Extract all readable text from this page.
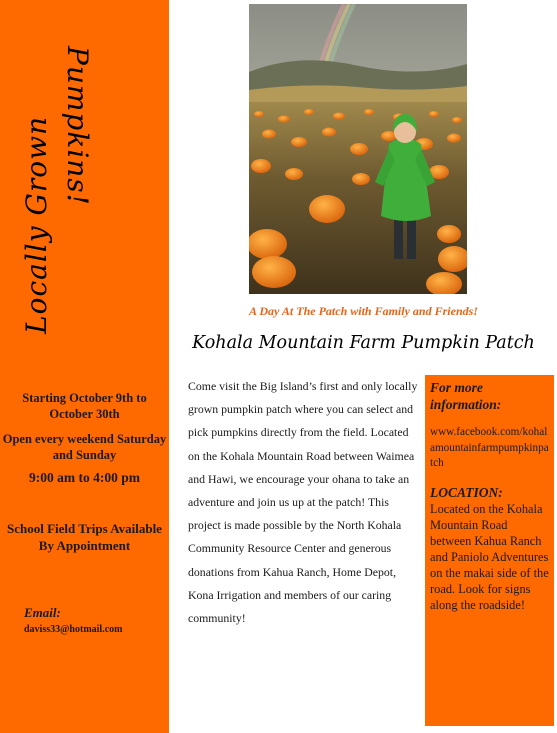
Locally Grown Pumpkins!
Starting October 9th to October 30th
Open every weekend Saturday and Sunday
9:00 am to 4:00 pm
School Field Trips Available By Appointment
Email:
daviss33@hotmail.com
A Day At The Patch with Family and Friends!
Kohala Mountain Farm Pumpkin Patch

Come visit the Big Island’s first and only locally grown pumpkin patch where you can select and pick pumpkins directly from the field. Located on the Kohala Mountain Road between Waimea and Hawi, we encourage your ohana to take an adventure and join us up at the patch! This project is made possible by the North Kohala Community Resource Center and generous donations from Kahua Ranch, Home Depot, Kona Irrigation and members of our caring community!

For more information:
www.facebook.com/kohalamountainfarmpumpkinpatch
LOCATION:
Located on the Kohala Mountain Road between Kahua Ranch and Paniolo Adventures on the makai side of the road. Look for signs along the roadside!
